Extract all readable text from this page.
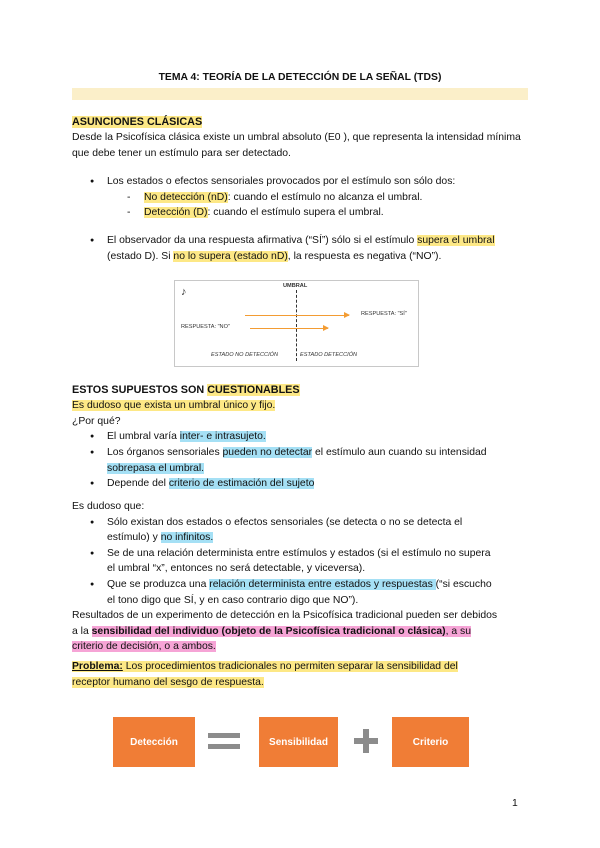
TEMA 4: TEORÍA DE LA DETECCIÓN DE LA SEÑAL (TDS)
ASUNCIONES CLÁSICAS
Desde la Psicofísica clásica existe un umbral absoluto (E0 ), que representa la intensidad mínima que debe tener un estímulo para ser detectado.
● Los estados o efectos sensoriales provocados por el estímulo son sólo dos:
- No detección (nD): cuando el estímulo no alcanza el umbral.
- Detección (D): cuando el estímulo supera el umbral.
● El observador da una respuesta afirmativa (“SÍ”) sólo si el estímulo supera el umbral
(estado D). Si no lo supera (estado nD), la respuesta es negativa (“NO”).
♪	UMBRAL
RESPUESTA: "SÍ"
RESPUESTA: "NO"
ESTADO NO DETECCIÓN	ESTADO DETECCIÓN
ESTOS SUPUESTOS SON CUESTIONABLES
Es dudoso que exista un umbral único y fijo.
¿Por qué?
● El umbral varía inter- e intrasujeto.
● Los órganos sensoriales pueden no detectar el estímulo aun cuando su intensidad
sobrepasa el umbral.
● Depende del criterio de estimación del sujeto
Es dudoso que:
● Sólo existan dos estados o efectos sensoriales (se detecta o no se detecta el
estímulo) y no infinitos.
● Se de una relación determinista entre estímulos y estados (si el estímulo no supera
el umbral “x”, entonces no será detectable, y viceversa).
● Que se produzca una relación determinista entre estados y respuestas (“si escucho
el tono digo que SÍ, y en caso contrario digo que NO”).
Resultados de un experimento de detección en la Psicofísica tradicional pueden ser debidos
a la sensibilidad del individuo (objeto de la Psicofísica tradicional o clásica), a su
criterio de decisión, o a ambos.
Problema: Los procedimientos tradicionales no permiten separar la sensibilidad del
receptor humano del sesgo de respuesta.
Detección	Sensibilidad	Criterio
1
